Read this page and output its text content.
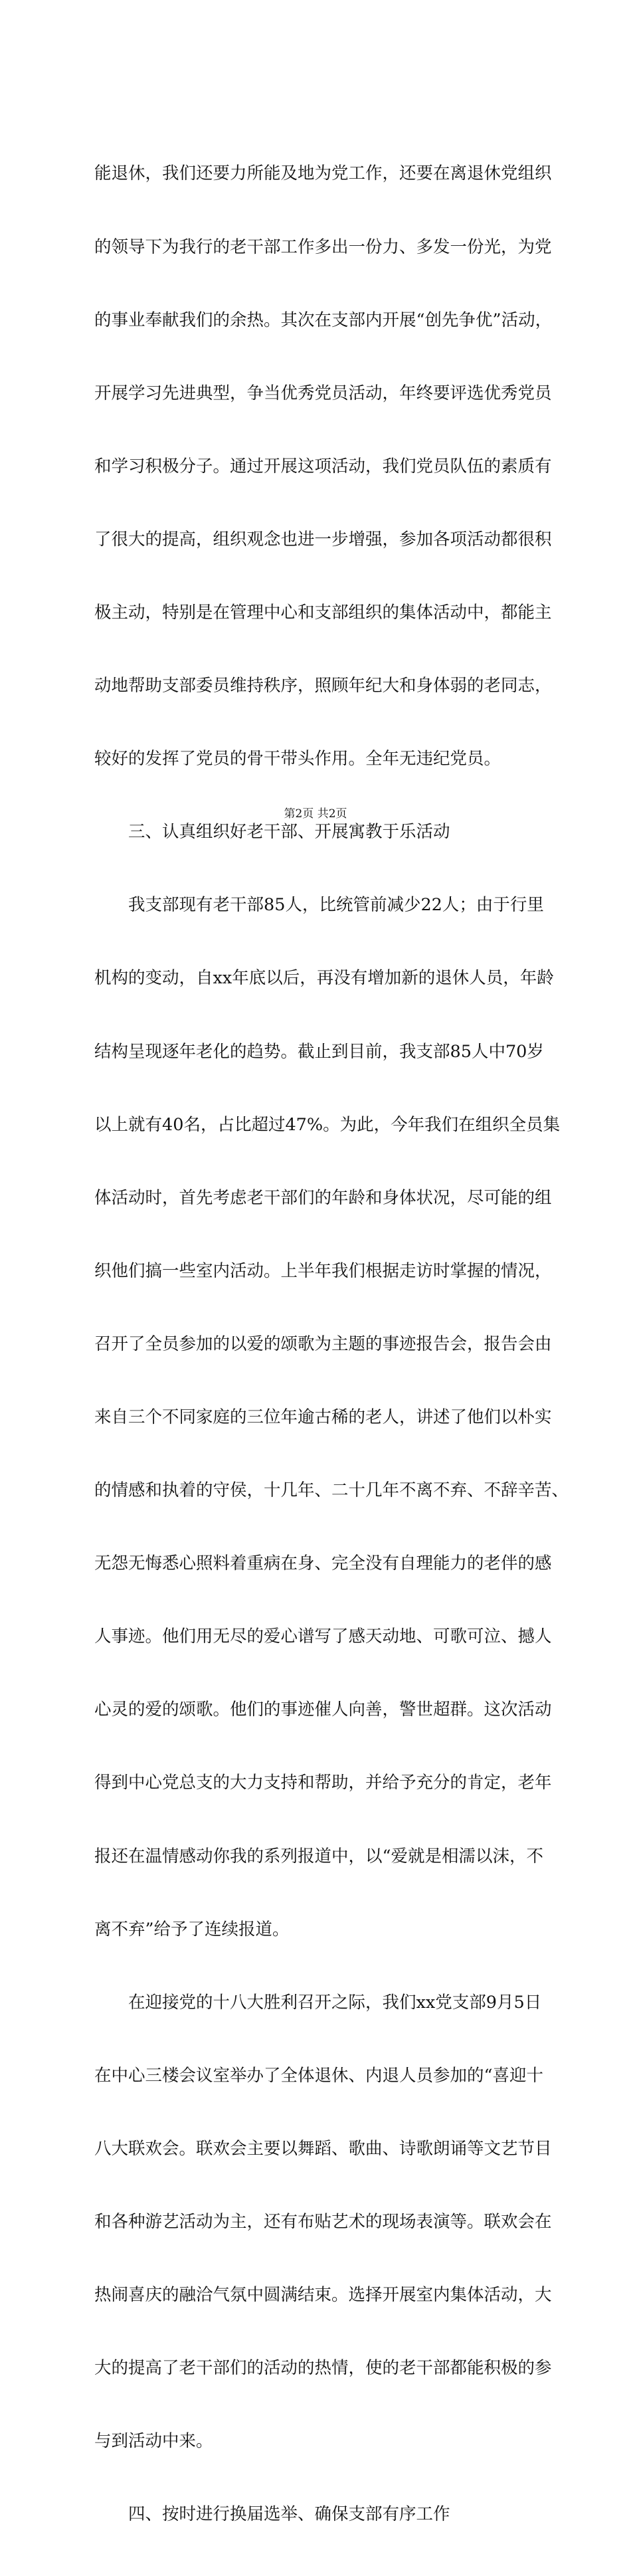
能退休，我们还要力所能及地为党工作，还要在离退休党组织

的领导下为我行的老干部工作多出一份力、多发一份光，为党

的事业奉献我们的余热。其次在支部内开展“创先争优”活动，

开展学习先进典型，争当优秀党员活动，年终要评选优秀党员

和学习积极分子。通过开展这项活动，我们党员队伍的素质有

了很大的提高，组织观念也进一步增强，参加各项活动都很积

极主动，特别是在管理中心和支部组织的集体活动中，都能主

动地帮助支部委员维持秩序，照顾年纪大和身体弱的老同志，

较好的发挥了党员的骨干带头作用。全年无违纪党员。

　　三、认真组织好老干部、开展寓教于乐活动

　　我支部现有老干部85人，比统管前减少22人；由于行里

机构的变动，自xx年底以后，再没有增加新的退休人员，年龄

结构呈现逐年老化的趋势。截止到目前，我支部85人中70岁

以上就有40名，占比超过47%。为此，今年我们在组织全员集

体活动时，首先考虑老干部们的年龄和身体状况，尽可能的组

织他们搞一些室内活动。上半年我们根据走访时掌握的情况，

召开了全员参加的以爱的颂歌为主题的事迹报告会，报告会由

来自三个不同家庭的三位年逾古稀的老人，讲述了他们以朴实

的情感和执着的守侯，十几年、二十几年不离不弃、不辞辛苦、

无怨无悔悉心照料着重病在身、完全没有自理能力的老伴的感

人事迹。他们用无尽的爱心谱写了感天动地、可歌可泣、撼人

心灵的爱的颂歌。他们的事迹催人向善，警世超群。这次活动

得到中心党总支的大力支持和帮助，并给予充分的肯定，老年

报还在温情感动你我的系列报道中，以“爱就是相濡以沫，不

离不弃”给予了连续报道。

　　在迎接党的十八大胜利召开之际，我们xx党支部9月5日

在中心三楼会议室举办了全体退休、内退人员参加的“喜迎十

八大联欢会。联欢会主要以舞蹈、歌曲、诗歌朗诵等文艺节目

和各种游艺活动为主，还有布贴艺术的现场表演等。联欢会在

热闹喜庆的融洽气氛中圆满结束。选择开展室内集体活动，大

大的提高了老干部们的活动的热情，使的老干部都能积极的参

与到活动中来。

　　四、按时进行换届选举、确保支部有序工作

第2页 共2页
